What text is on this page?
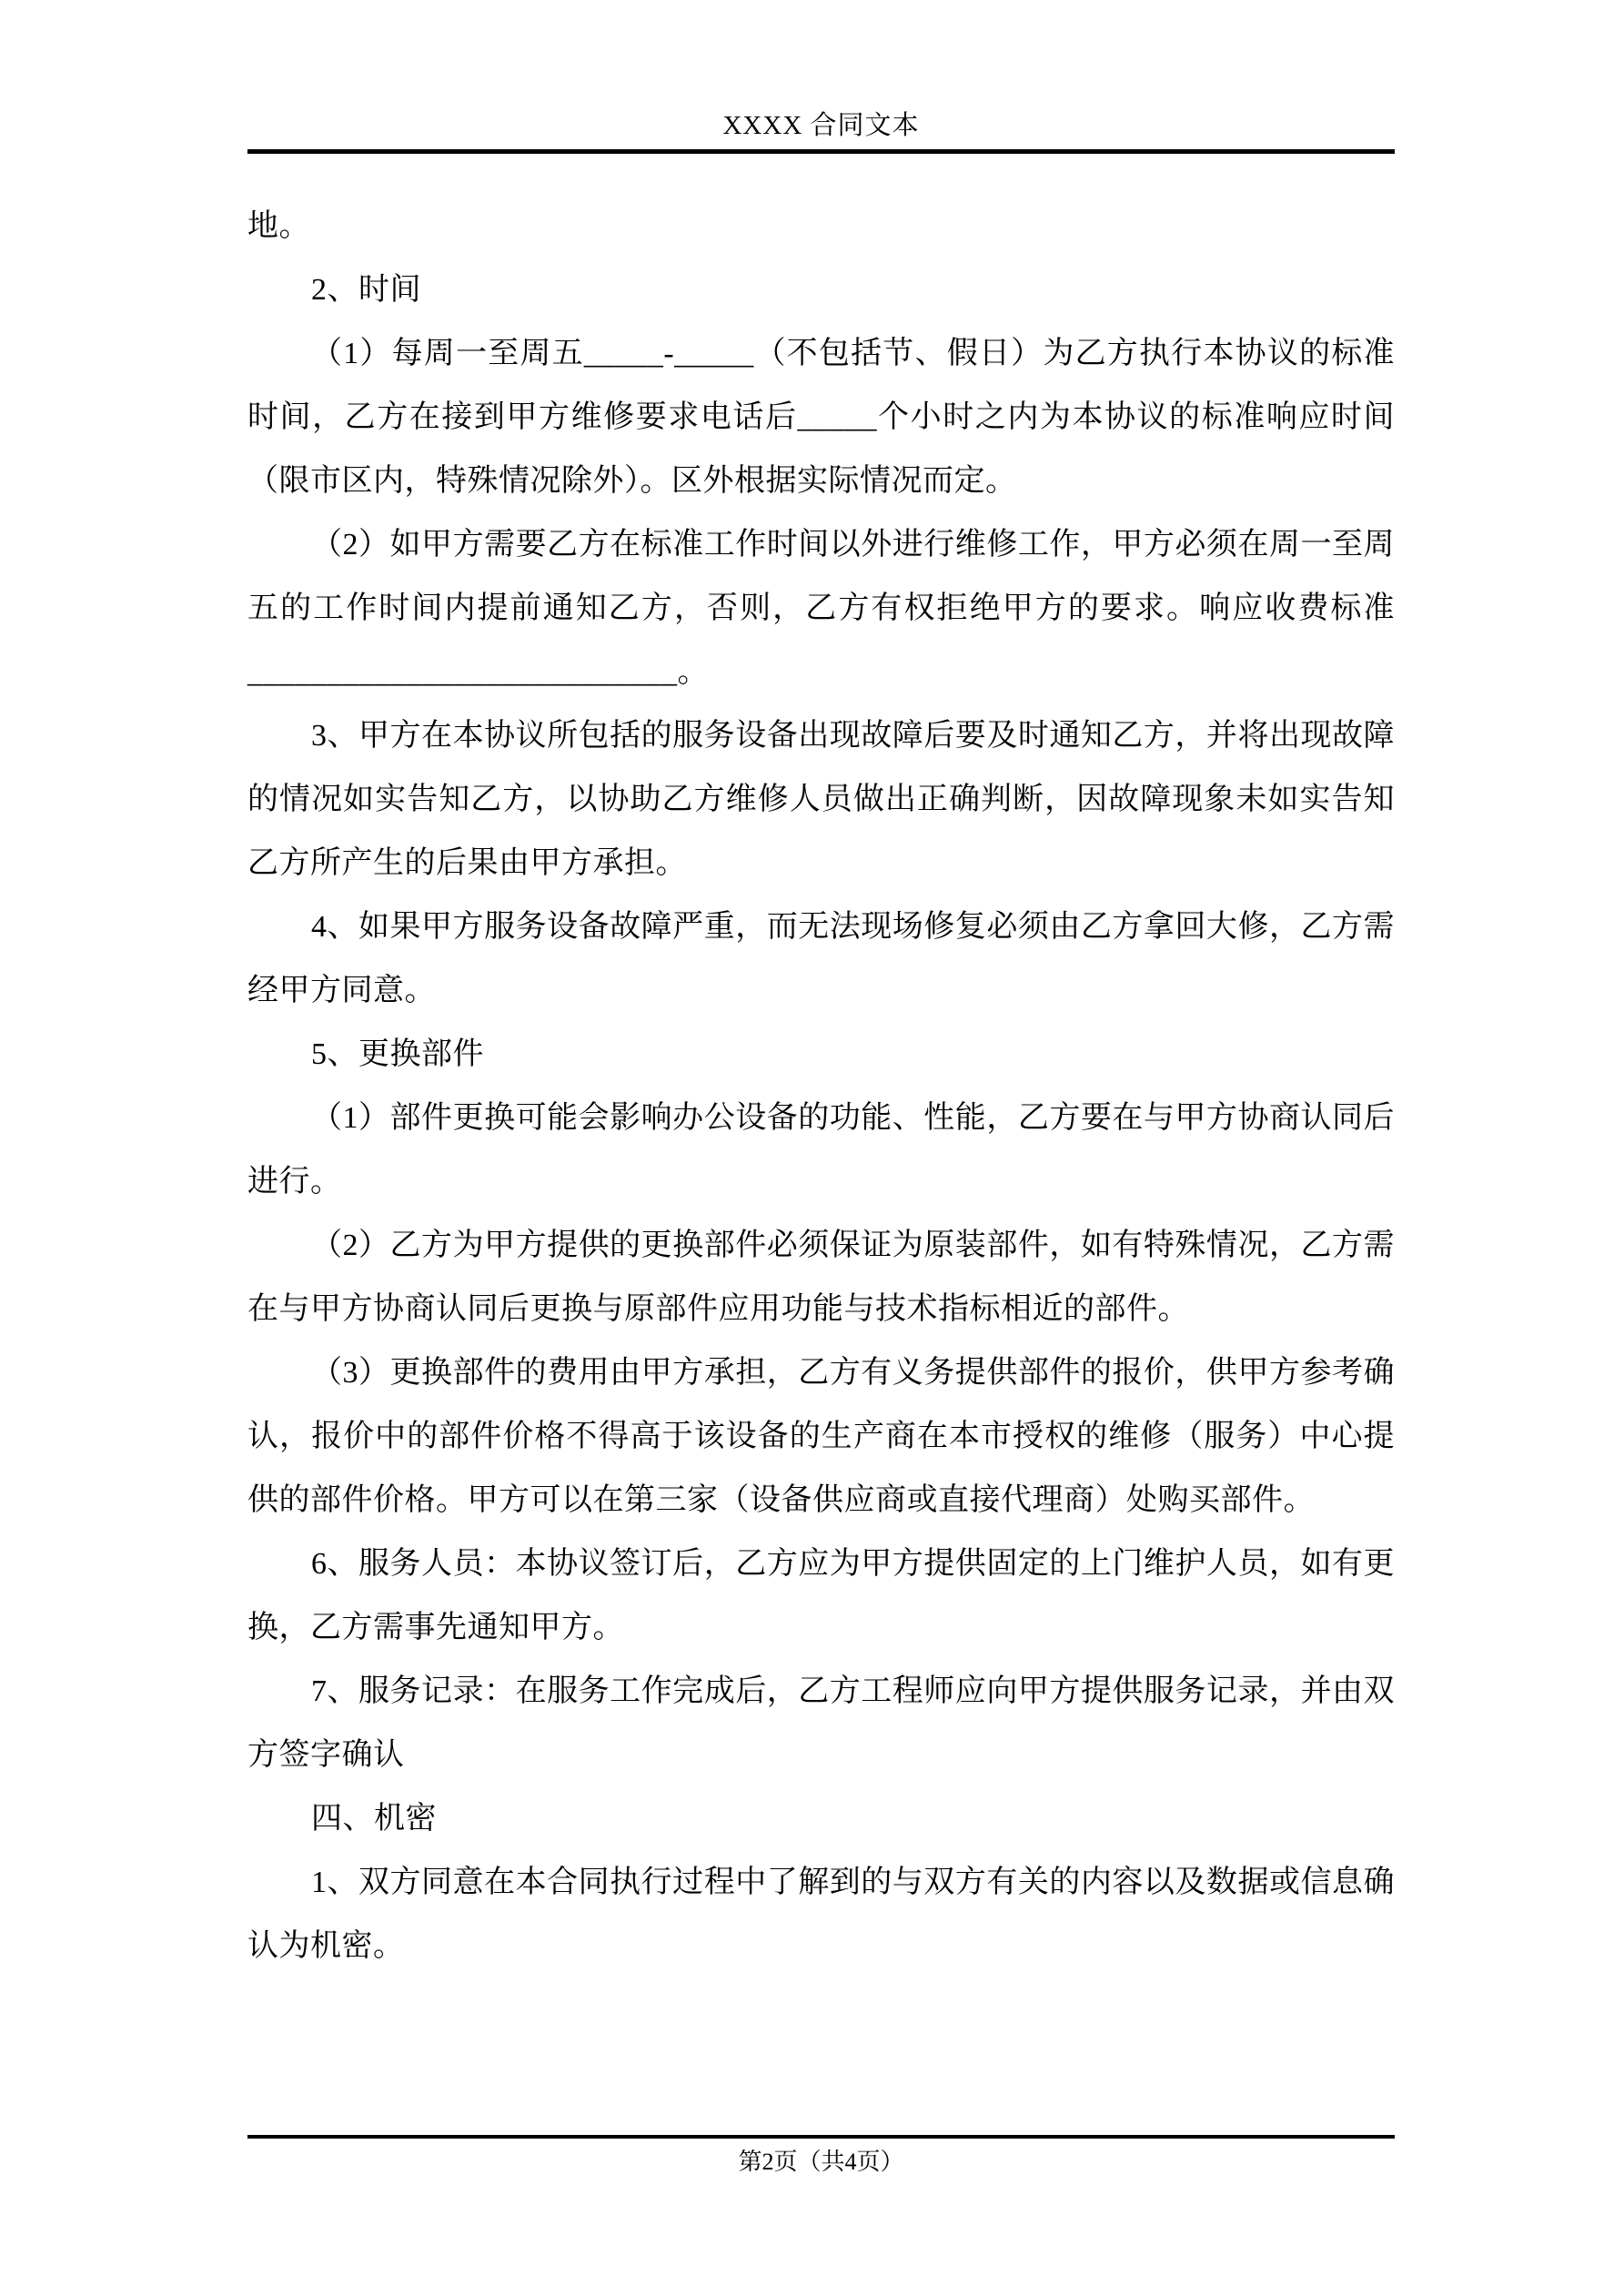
XXXX 合同文本

地。

2、时间

（1）每周一至周五_____-_____（不包括节、假日）为乙方执行本协议的标准时间，乙方在接到甲方维修要求电话后_____个小时之内为本协议的标准响应时间（限市区内，特殊情况除外）。区外根据实际情况而定。

（2）如甲方需要乙方在标准工作时间以外进行维修工作，甲方必须在周一至周五的工作时间内提前通知乙方，否则，乙方有权拒绝甲方的要求。响应收费标准___________________________。

3、甲方在本协议所包括的服务设备出现故障后要及时通知乙方，并将出现故障的情况如实告知乙方，以协助乙方维修人员做出正确判断，因故障现象未如实告知乙方所产生的后果由甲方承担。

4、如果甲方服务设备故障严重，而无法现场修复必须由乙方拿回大修，乙方需经甲方同意。

5、更换部件

（1）部件更换可能会影响办公设备的功能、性能，乙方要在与甲方协商认同后进行。

（2）乙方为甲方提供的更换部件必须保证为原装部件，如有特殊情况，乙方需在与甲方协商认同后更换与原部件应用功能与技术指标相近的部件。

（3）更换部件的费用由甲方承担，乙方有义务提供部件的报价，供甲方参考确认，报价中的部件价格不得高于该设备的生产商在本市授权的维修（服务）中心提供的部件价格。甲方可以在第三家（设备供应商或直接代理商）处购买部件。

6、服务人员：本协议签订后，乙方应为甲方提供固定的上门维护人员，如有更换，乙方需事先通知甲方。

7、服务记录：在服务工作完成后，乙方工程师应向甲方提供服务记录，并由双方签字确认

四、机密

1、双方同意在本合同执行过程中了解到的与双方有关的内容以及数据或信息确认为机密。

第2页（共4页）
